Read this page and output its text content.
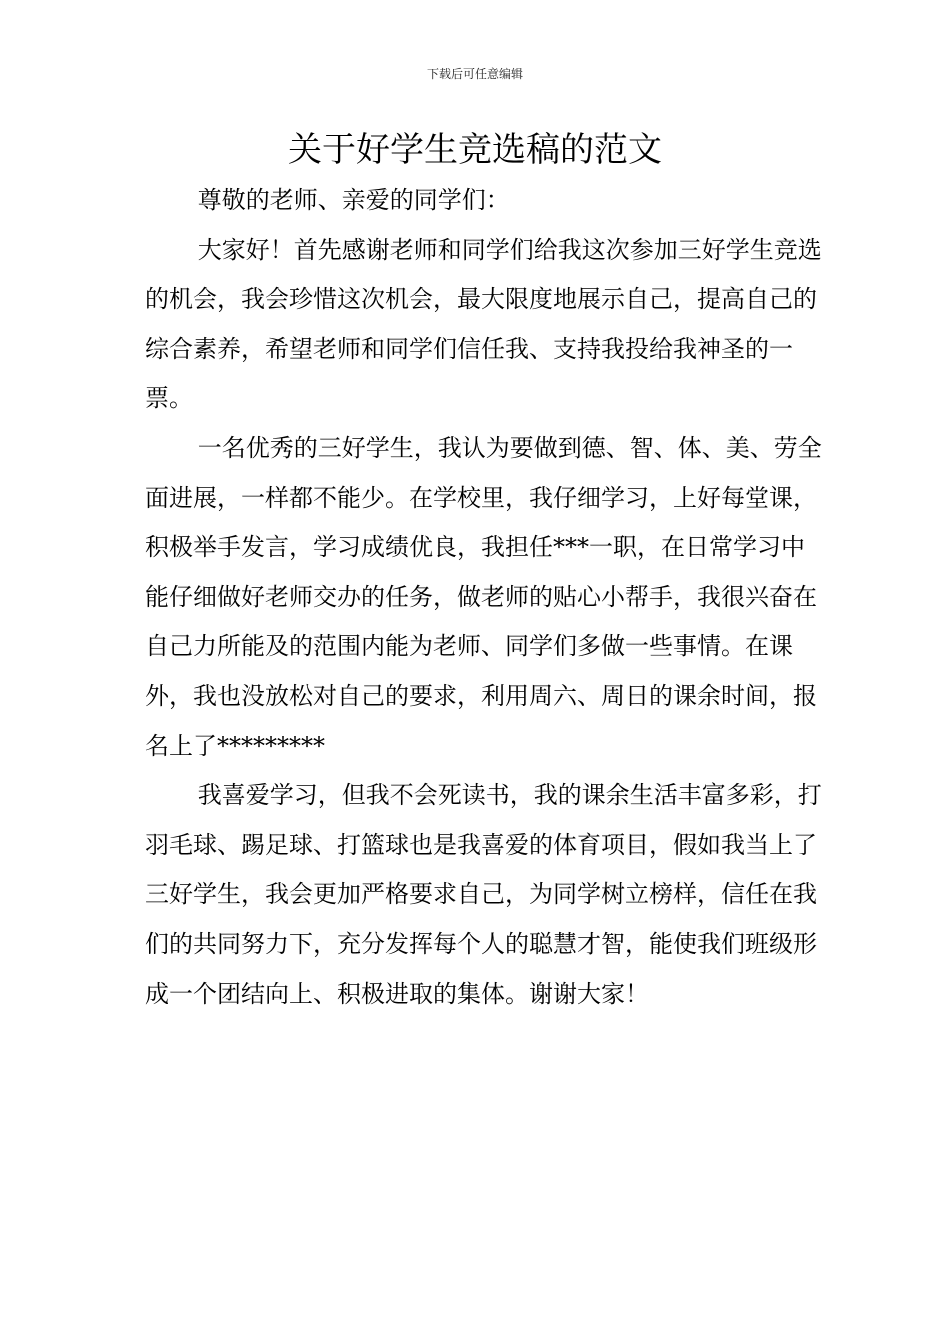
下载后可任意编辑
关于好学生竞选稿的范文

尊敬的老师、亲爱的同学们：

大家好！首先感谢老师和同学们给我这次参加三好学生竞选的机会，我会珍惜这次机会，最大限度地展示自己，提高自己的综合素养，希望老师和同学们信任我、支持我投给我神圣的一票。

一名优秀的三好学生，我认为要做到德、智、体、美、劳全面进展，一样都不能少。在学校里，我仔细学习，上好每堂课，积极举手发言，学习成绩优良，我担任***一职，在日常学习中能仔细做好老师交办的任务，做老师的贴心小帮手，我很兴奋在自己力所能及的范围内能为老师、同学们多做一些事情。在课外，我也没放松对自己的要求，利用周六、周日的课余时间，报名上了*********

我喜爱学习，但我不会死读书，我的课余生活丰富多彩，打羽毛球、踢足球、打篮球也是我喜爱的体育项目，假如我当上了三好学生，我会更加严格要求自己，为同学树立榜样，信任在我们的共同努力下，充分发挥每个人的聪慧才智，能使我们班级形成一个团结向上、积极进取的集体。谢谢大家！
